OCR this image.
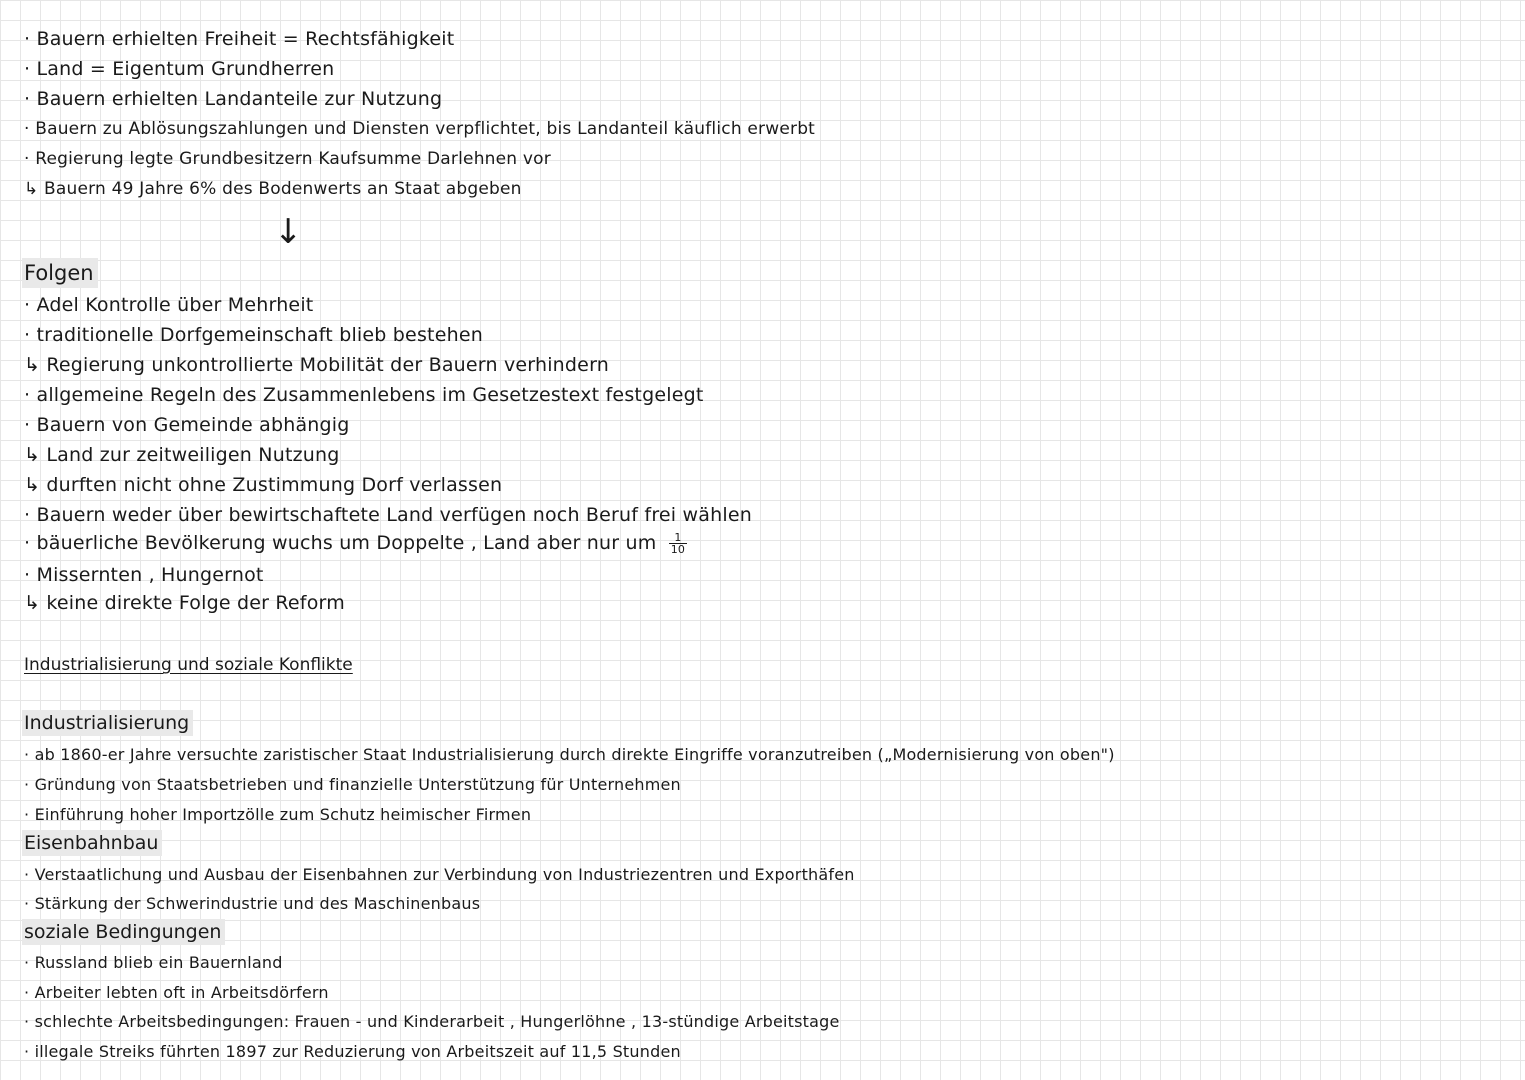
· Bauern erhielten Freiheit = Rechtsfähigkeit
· Land = Eigentum Grundherren
· Bauern erhielten Landanteile zur Nutzung
· Bauern zu Ablösungszahlungen und Diensten verpflichtet, bis Landanteil käuflich erwerbt
· Regierung legte Grundbesitzern Kaufsumme Darlehnen vor
↳ Bauern 49 Jahre 6% des Bodenwerts an Staat abgeben
↓
Folgen
· Adel Kontrolle über Mehrheit
· traditionelle Dorfgemeinschaft blieb bestehen
↳ Regierung unkontrollierte Mobilität der Bauern verhindern
· allgemeine Regeln des Zusammenlebens im Gesetzestext festgelegt
· Bauern von Gemeinde abhängig
↳ Land zur zeitweiligen Nutzung
↳ durften nicht ohne Zustimmung Dorf verlassen
· Bauern weder über bewirtschaftete Land verfügen noch Beruf frei wählen
· bäuerliche Bevölkerung wuchs um Doppelte , Land aber nur um $\frac{1}{10}$
· Missernten , Hungernot
↳ keine direkte Folge der Reform
Industrialisierung und soziale Konflikte
Industrialisierung
· ab 1860-er Jahre versuchte zaristischer Staat Industrialisierung durch direkte Eingriffe voranzutreiben („Modernisierung von oben")
· Gründung von Staatsbetrieben und finanzielle Unterstützung für Unternehmen
· Einführung hoher Importzölle zum Schutz heimischer Firmen
Eisenbahnbau
· Verstaatlichung und Ausbau der Eisenbahnen zur Verbindung von Industriezentren und Exporthäfen
· Stärkung der Schwerindustrie und des Maschinenbaus
soziale Bedingungen
· Russland blieb ein Bauernland
· Arbeiter lebten oft in Arbeitsdörfern
· schlechte Arbeitsbedingungen: Frauen - und Kinderarbeit , Hungerlöhne , 13-stündige Arbeitstage
· illegale Streiks führten 1897 zur Reduzierung von Arbeitszeit auf 11,5 Stunden
